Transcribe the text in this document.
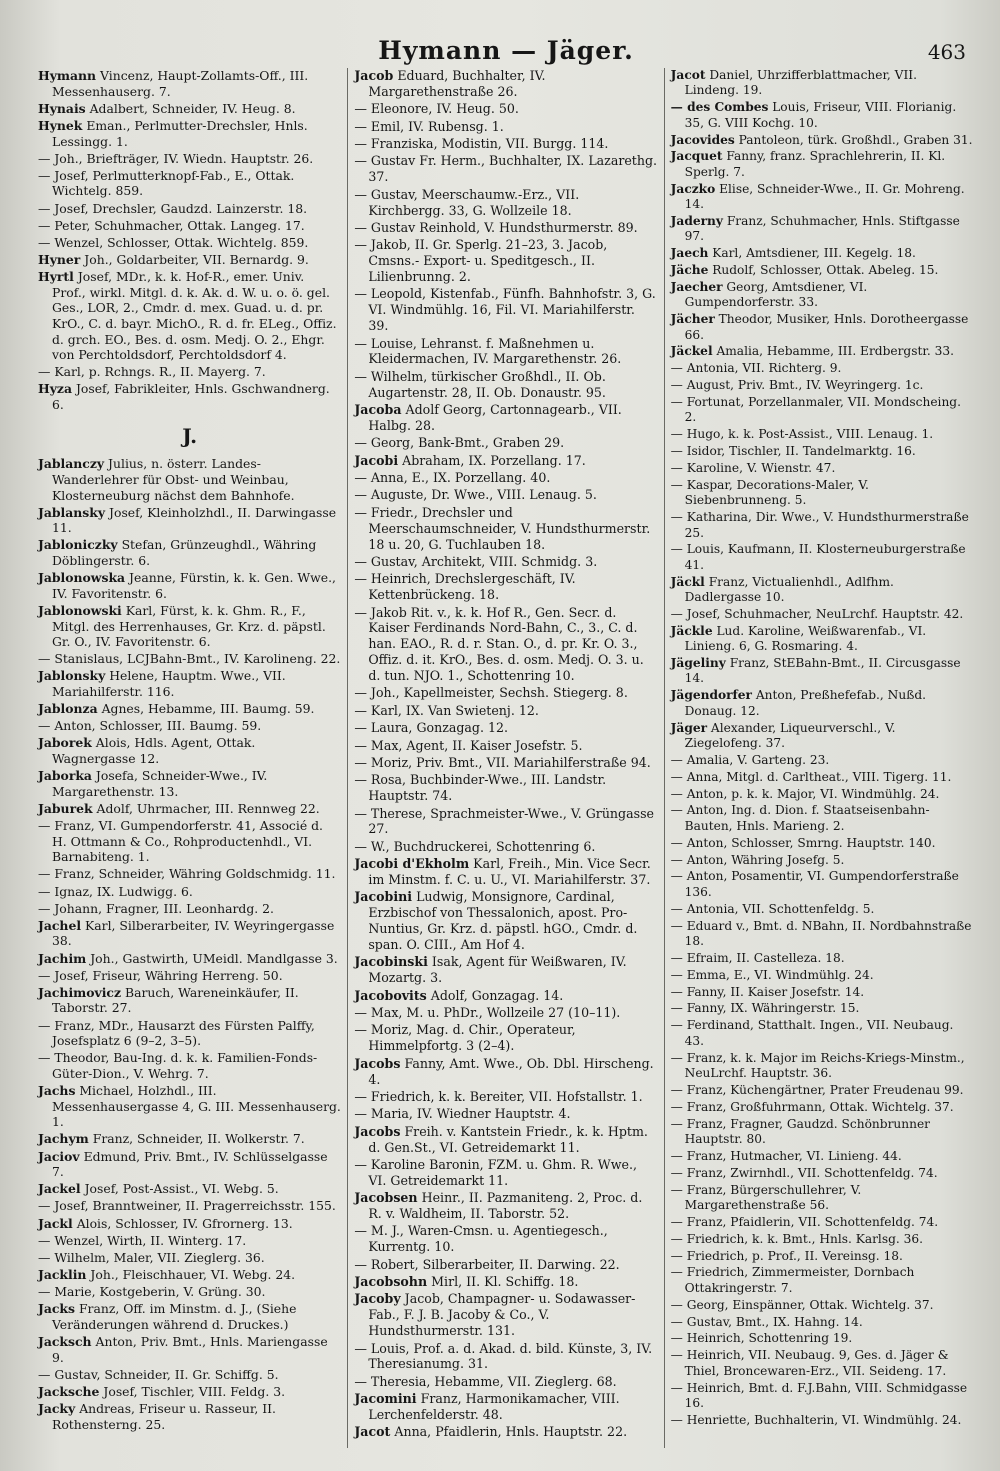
Hymann — Jäger.	463
Hymann Vincenz, Haupt-Zollamts-Off., III. Messenhauserg. 7.
Hynais Adalbert, Schneider, IV. Heug. 8.
Hynek Eman., Perlmutter-Drechsler, Hnls. Lessingg. 1.
— Joh., Briefträger, IV. Wiedn. Hauptstr. 26.
— Josef, Perlmutterknopf-Fab., E., Ottak. Wichtelg. 859.
— Josef, Drechsler, Gaudzd. Lainzerstr. 18.
— Peter, Schuhmacher, Ottak. Langeg. 17.
— Wenzel, Schlosser, Ottak. Wichtelg. 859.
Hyner Joh., Goldarbeiter, VII. Bernardg. 9.
Hyrtl Josef, MDr., k. k. Hof-R., emer. Univ. Prof., wirkl. Mitgl. d. k. Ak. d. W. u. o. ö. gel. Ges., LOR, 2., Cmdr. d. mex. Guad. u. d. pr. KrO., C. d. bayr. MichO., R. d. fr. ELeg., Offiz. d. grch. EO., Bes. d. osm. Medj. O. 2., Ehgr. von Perchtoldsdorf, Perchtoldsdorf 4.
— Karl, p. Rchngs. R., II. Mayerg. 7.
Hyza Josef, Fabrikleiter, Hnls. Gschwandnerg. 6.
J.
Jablanczy Julius, n. österr. Landes-Wanderlehrer für Obst- und Weinbau, Klosterneuburg nächst dem Bahnhofe.
Jablansky Josef, Kleinholzhdl., II. Darwingasse 11.
Jabloniczky Stefan, Grünzeughdl., Währing Döblingerstr. 6.
Jablonowska Jeanne, Fürstin, k. k. Gen. Wwe., IV. Favoritenstr. 6.
Jablonowski Karl, Fürst, k. k. Ghm. R., F., Mitgl. des Herrenhauses, Gr. Krz. d. päpstl. Gr. O., IV. Favoritenstr. 6.
— Stanislaus, LCJBahn-Bmt., IV. Karolineng. 22.
Jablonsky Helene, Hauptm. Wwe., VII. Mariahilferstr. 116.
Jablonza Agnes, Hebamme, III. Baumg. 59.
— Anton, Schlosser, III. Baumg. 59.
Jaborek Alois, Hdls. Agent, Ottak. Wagnergasse 12.
Jaborka Josefa, Schneider-Wwe., IV. Margarethenstr. 13.
Jaburek Adolf, Uhrmacher, III. Rennweg 22.
— Franz, VI. Gumpendorferstr. 41, Associé d. H. Ottmann & Co., Rohproductenhdl., VI. Barnabiteng. 1.
— Franz, Schneider, Währing Goldschmidg. 11.
— Ignaz, IX. Ludwigg. 6.
— Johann, Fragner, III. Leonhardg. 2.
Jachel Karl, Silberarbeiter, IV. Weyringergasse 38.
Jachim Joh., Gastwirth, UMeidl. Mandlgasse 3.
— Josef, Friseur, Währing Herreng. 50.
Jachimovicz Baruch, Wareneinkäufer, II. Taborstr. 27.
— Franz, MDr., Hausarzt des Fürsten Palffy, Josefsplatz 6 (9–2, 3–5).
— Theodor, Bau-Ing. d. k. k. Familien-Fonds-Güter-Dion., V. Wehrg. 7.
Jachs Michael, Holzhdl., III. Messenhausergasse 4, G. III. Messenhauserg. 1.
Jachym Franz, Schneider, II. Wolkerstr. 7.
Jaciov Edmund, Priv. Bmt., IV. Schlüsselgasse 7.
Jackel Josef, Post-Assist., VI. Webg. 5.
— Josef, Branntweiner, II. Pragerreichsstr. 155.
Jackl Alois, Schlosser, IV. Gfrornerg. 13.
— Wenzel, Wirth, II. Winterg. 17.
— Wilhelm, Maler, VII. Zieglerg. 36.
Jacklin Joh., Fleischhauer, VI. Webg. 24.
— Marie, Kostgeberin, V. Grüng. 30.
Jacks Franz, Off. im Minstm. d. J., (Siehe Veränderungen während d. Druckes.)
Jacksch Anton, Priv. Bmt., Hnls. Mariengasse 9.
— Gustav, Schneider, II. Gr. Schiffg. 5.
Jacksche Josef, Tischler, VIII. Feldg. 3.
Jacky Andreas, Friseur u. Rasseur, II. Rothensterng. 25.
Jacob Eduard, Buchhalter, IV. Margarethenstraße 26.
— Eleonore, IV. Heug. 50.
— Emil, IV. Rubensg. 1.
— Franziska, Modistin, VII. Burgg. 114.
— Gustav Fr. Herm., Buchhalter, IX. Lazarethg. 37.
— Gustav, Meerschaumw.-Erz., VII. Kirchbergg. 33, G. Wollzeile 18.
— Gustav Reinhold, V. Hundsthurmerstr. 89.
— Jakob, II. Gr. Sperlg. 21–23, 3. Jacob, Cmsns.- Export- u. Speditgesch., II. Lilienbrunng. 2.
— Leopold, Kistenfab., Fünfh. Bahnhofstr. 3, G. VI. Windmühlg. 16, Fil. VI. Mariahilferstr. 39.
— Louise, Lehranst. f. Maßnehmen u. Kleidermachen, IV. Margarethenstr. 26.
— Wilhelm, türkischer Großhdl., II. Ob. Augartenstr. 28, II. Ob. Donaustr. 95.
Jacoba Adolf Georg, Cartonnagearb., VII. Halbg. 28.
— Georg, Bank-Bmt., Graben 29.
Jacobi Abraham, IX. Porzellang. 17.
— Anna, E., IX. Porzellang. 40.
— Auguste, Dr. Wwe., VIII. Lenaug. 5.
— Friedr., Drechsler und Meerschaumschneider, V. Hundsthurmerstr. 18 u. 20, G. Tuchlauben 18.
— Gustav, Architekt, VIII. Schmidg. 3.
— Heinrich, Drechslergeschäft, IV. Kettenbrückeng. 18.
— Jakob Rit. v., k. k. Hof R., Gen. Secr. d. Kaiser Ferdinands Nord-Bahn, C., 3., C. d. han. EAO., R. d. r. Stan. O., d. pr. Kr. O. 3., Offiz. d. it. KrO., Bes. d. osm. Medj. O. 3. u. d. tun. NJO. 1., Schottenring 10.
— Joh., Kapellmeister, Sechsh. Stiegerg. 8.
— Karl, IX. Van Swietenj. 12.
— Laura, Gonzagag. 12.
— Max, Agent, II. Kaiser Josefstr. 5.
— Moriz, Priv. Bmt., VII. Mariahilferstraße 94.
— Rosa, Buchbinder-Wwe., III. Landstr. Hauptstr. 74.
— Therese, Sprachmeister-Wwe., V. Grüngasse 27.
— W., Buchdruckerei, Schottenring 6.
Jacobi d'Ekholm Karl, Freih., Min. Vice Secr. im Minstm. f. C. u. U., VI. Mariahilferstr. 37.
Jacobini Ludwig, Monsignore, Cardinal, Erzbischof von Thessalonich, apost. Pro-Nuntius, Gr. Krz. d. päpstl. hGO., Cmdr. d. span. O. CIII., Am Hof 4.
Jacobinski Isak, Agent für Weißwaren, IV. Mozartg. 3.
Jacobovits Adolf, Gonzagag. 14.
— Max, M. u. PhDr., Wollzeile 27 (10–11).
— Moriz, Mag. d. Chir., Operateur, Himmelpfortg. 3 (2–4).
Jacobs Fanny, Amt. Wwe., Ob. Dbl. Hirscheng. 4.
— Friedrich, k. k. Bereiter, VII. Hofstallstr. 1.
— Maria, IV. Wiedner Hauptstr. 4.
Jacobs Freih. v. Kantstein Friedr., k. k. Hptm. d. Gen.St., VI. Getreidemarkt 11.
— Karoline Baronin, FZM. u. Ghm. R. Wwe., VI. Getreidemarkt 11.
Jacobsen Heinr., II. Pazmaniteng. 2, Proc. d. R. v. Waldheim, II. Taborstr. 52.
— M. J., Waren-Cmsn. u. Agentiegesch., Kurrentg. 10.
— Robert, Silberarbeiter, II. Darwing. 22.
Jacobsohn Mirl, II. Kl. Schiffg. 18.
Jacoby Jacob, Champagner- u. Sodawasser-Fab., F. J. B. Jacoby & Co., V. Hundsthurmerstr. 131.
— Louis, Prof. a. d. Akad. d. bild. Künste, 3, IV. Theresianumg. 31.
— Theresia, Hebamme, VII. Zieglerg. 68.
Jacomini Franz, Harmonikamacher, VIII. Lerchenfelderstr. 48.
Jacot Anna, Pfaidlerin, Hnls. Hauptstr. 22.
Jacot Daniel, Uhrzifferblattmacher, VII. Lindeng. 19.
— des Combes Louis, Friseur, VIII. Florianig. 35, G. VIII Kochg. 10.
Jacovides Pantoleon, türk. Großhdl., Graben 31.
Jacquet Fanny, franz. Sprachlehrerin, II. Kl. Sperlg. 7.
Jaczko Elise, Schneider-Wwe., II. Gr. Mohreng. 14.
Jaderny Franz, Schuhmacher, Hnls. Stiftgasse 97.
Jaech Karl, Amtsdiener, III. Kegelg. 18.
Jäche Rudolf, Schlosser, Ottak. Abeleg. 15.
Jaecher Georg, Amtsdiener, VI. Gumpendorferstr. 33.
Jächer Theodor, Musiker, Hnls. Dorotheergasse 66.
Jäckel Amalia, Hebamme, III. Erdbergstr. 33.
— Antonia, VII. Richterg. 9.
— August, Priv. Bmt., IV. Weyringerg. 1c.
— Fortunat, Porzellanmaler, VII. Mondscheing. 2.
— Hugo, k. k. Post-Assist., VIII. Lenaug. 1.
— Isidor, Tischler, II. Tandelmarktg. 16.
— Karoline, V. Wienstr. 47.
— Kaspar, Decorations-Maler, V. Siebenbrunneng. 5.
— Katharina, Dir. Wwe., V. Hundsthurmerstraße 25.
— Louis, Kaufmann, II. Klosterneuburgerstraße 41.
Jäckl Franz, Victualienhdl., Adlfhm. Dadlergasse 10.
— Josef, Schuhmacher, NeuLrchf. Hauptstr. 42.
Jäckle Lud. Karoline, Weißwarenfab., VI. Linieng. 6, G. Rosmaring. 4.
Jägeliny Franz, StEBahn-Bmt., II. Circusgasse 14.
Jägendorfer Anton, Preßhefefab., Nußd. Donaug. 12.
Jäger Alexander, Liqueurverschl., V. Ziegelofeng. 37.
— Amalia, V. Garteng. 23.
— Anna, Mitgl. d. Carltheat., VIII. Tigerg. 11.
— Anton, p. k. k. Major, VI. Windmühlg. 24.
— Anton, Ing. d. Dion. f. Staatseisenbahn-Bauten, Hnls. Marieng. 2.
— Anton, Schlosser, Smrng. Hauptstr. 140.
— Anton, Währing Josefg. 5.
— Anton, Posamentir, VI. Gumpendorferstraße 136.
— Antonia, VII. Schottenfeldg. 5.
— Eduard v., Bmt. d. NBahn, II. Nordbahnstraße 18.
— Efraim, II. Castelleza. 18.
— Emma, E., VI. Windmühlg. 24.
— Fanny, II. Kaiser Josefstr. 14.
— Fanny, IX. Währingerstr. 15.
— Ferdinand, Statthalt. Ingen., VII. Neubaug. 43.
— Franz, k. k. Major im Reichs-Kriegs-Minstm., NeuLrchf. Hauptstr. 36.
— Franz, Küchengärtner, Prater Freudenau 99.
— Franz, Großfuhrmann, Ottak. Wichtelg. 37.
— Franz, Fragner, Gaudzd. Schönbrunner Hauptstr. 80.
— Franz, Hutmacher, VI. Linieng. 44.
— Franz, Zwirnhdl., VII. Schottenfeldg. 74.
— Franz, Bürgerschullehrer, V. Margarethenstraße 56.
— Franz, Pfaidlerin, VII. Schottenfeldg. 74.
— Friedrich, k. k. Bmt., Hnls. Karlsg. 36.
— Friedrich, p. Prof., II. Vereinsg. 18.
— Friedrich, Zimmermeister, Dornbach Ottakringerstr. 7.
— Georg, Einspänner, Ottak. Wichtelg. 37.
— Gustav, Bmt., IX. Hahng. 14.
— Heinrich, Schottenring 19.
— Heinrich, VII. Neubaug. 9, Ges. d. Jäger & Thiel, Broncewaren-Erz., VII. Seideng. 17.
— Heinrich, Bmt. d. F.J.Bahn, VIII. Schmidgasse 16.
— Henriette, Buchhalterin, VI. Windmühlg. 24.
